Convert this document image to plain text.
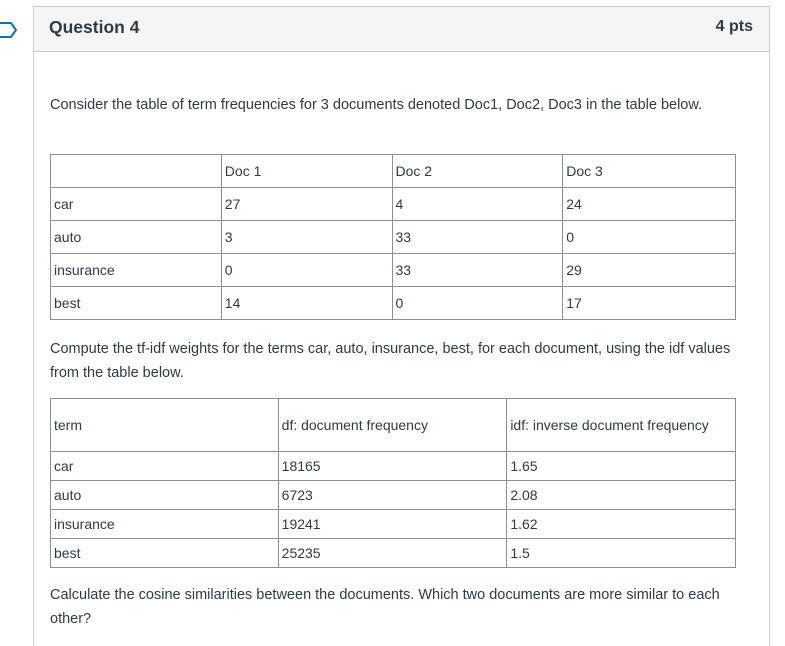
Question 4	4 pts
Consider the table of term frequencies for 3 documents denoted Doc1, Doc2, Doc3 in the table below.
	Doc 1	Doc 2	Doc 3
car	27	4	24
auto	3	33	0
insurance	0	33	29
best	14	0	17
Compute the tf-idf weights for the terms car, auto, insurance, best, for each document, using the idf values from the table below.
term	df: document frequency	idf: inverse document frequency
car	18165	1.65
auto	6723	2.08
insurance	19241	1.62
best	25235	1.5
Calculate the cosine similarities between the documents. Which two documents are more similar to each other?
